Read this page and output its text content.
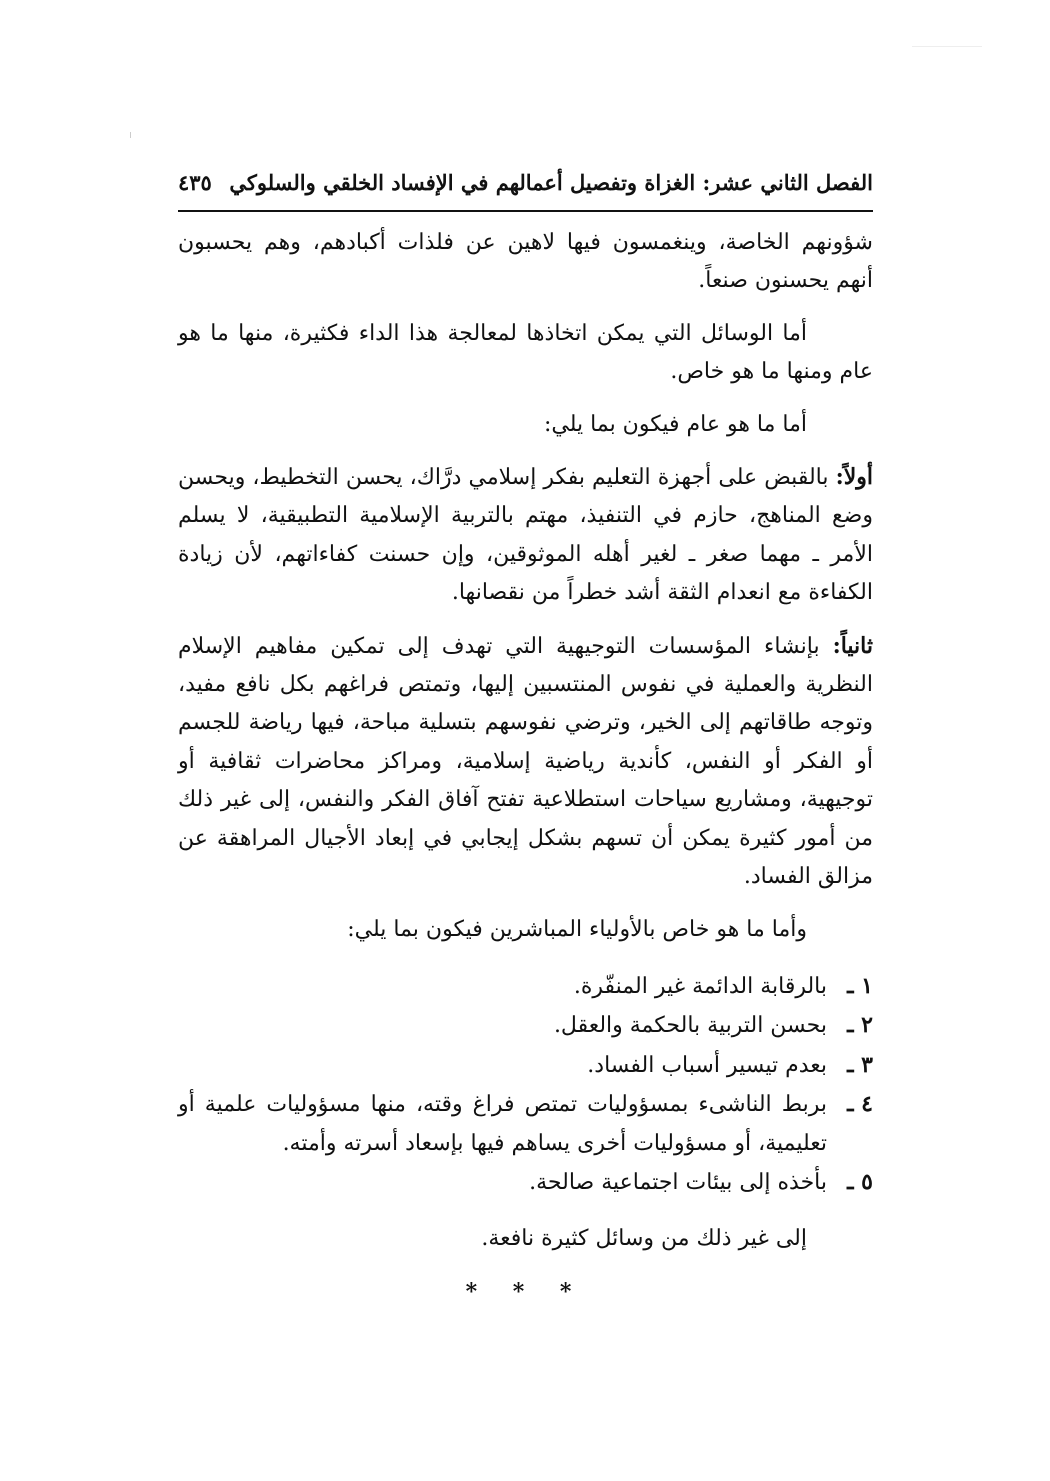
الفصل الثاني عشر: الغزاة وتفصيل أعمالهم في الإفساد الخلقي والسلوكي
٤٣٥

شؤونهم الخاصة، وينغمسون فيها لاهين عن فلذات أكبادهم، وهم يحسبون أنهم يحسنون صنعاً.

أما الوسائل التي يمكن اتخاذها لمعالجة هذا الداء فكثيرة، منها ما هو عام ومنها ما هو خاص.

أما ما هو عام فيكون بما يلي:

أولاً: بالقبض على أجهزة التعليم بفكر إسلامي درَّاك، يحسن التخطيط، ويحسن وضع المناهج، حازم في التنفيذ، مهتم بالتربية الإسلامية التطبيقية، لا يسلم الأمر ـ مهما صغر ـ لغير أهله الموثوقين، وإن حسنت كفاءاتهم، لأن زيادة الكفاءة مع انعدام الثقة أشد خطراً من نقصانها.

ثانياً: بإنشاء المؤسسات التوجيهية التي تهدف إلى تمكين مفاهيم الإسلام النظرية والعملية في نفوس المنتسبين إليها، وتمتص فراغهم بكل نافع مفيد، وتوجه طاقاتهم إلى الخير، وترضي نفوسهم بتسلية مباحة، فيها رياضة للجسم أو الفكر أو النفس، كأندية رياضية إسلامية، ومراكز محاضرات ثقافية أو توجيهية، ومشاريع سياحات استطلاعية تفتح آفاق الفكر والنفس، إلى غير ذلك من أمور كثيرة يمكن أن تسهم بشكل إيجابي في إبعاد الأجيال المراهقة عن مزالق الفساد.

وأما ما هو خاص بالأولياء المباشرين فيكون بما يلي:

١ ـبالرقابة الدائمة غير المنفّرة.
٢ ـبحسن التربية بالحكمة والعقل.
٣ ـبعدم تيسير أسباب الفساد.
٤ ـبربط الناشىء بمسؤوليات تمتص فراغ وقته، منها مسؤوليات علمية أو تعليمية، أو مسؤوليات أخرى يساهم فيها بإسعاد أسرته وأمته.
٥ ـبأخذه إلى بيئات اجتماعية صالحة.

إلى غير ذلك من وسائل كثيرة نافعة.

* * *
